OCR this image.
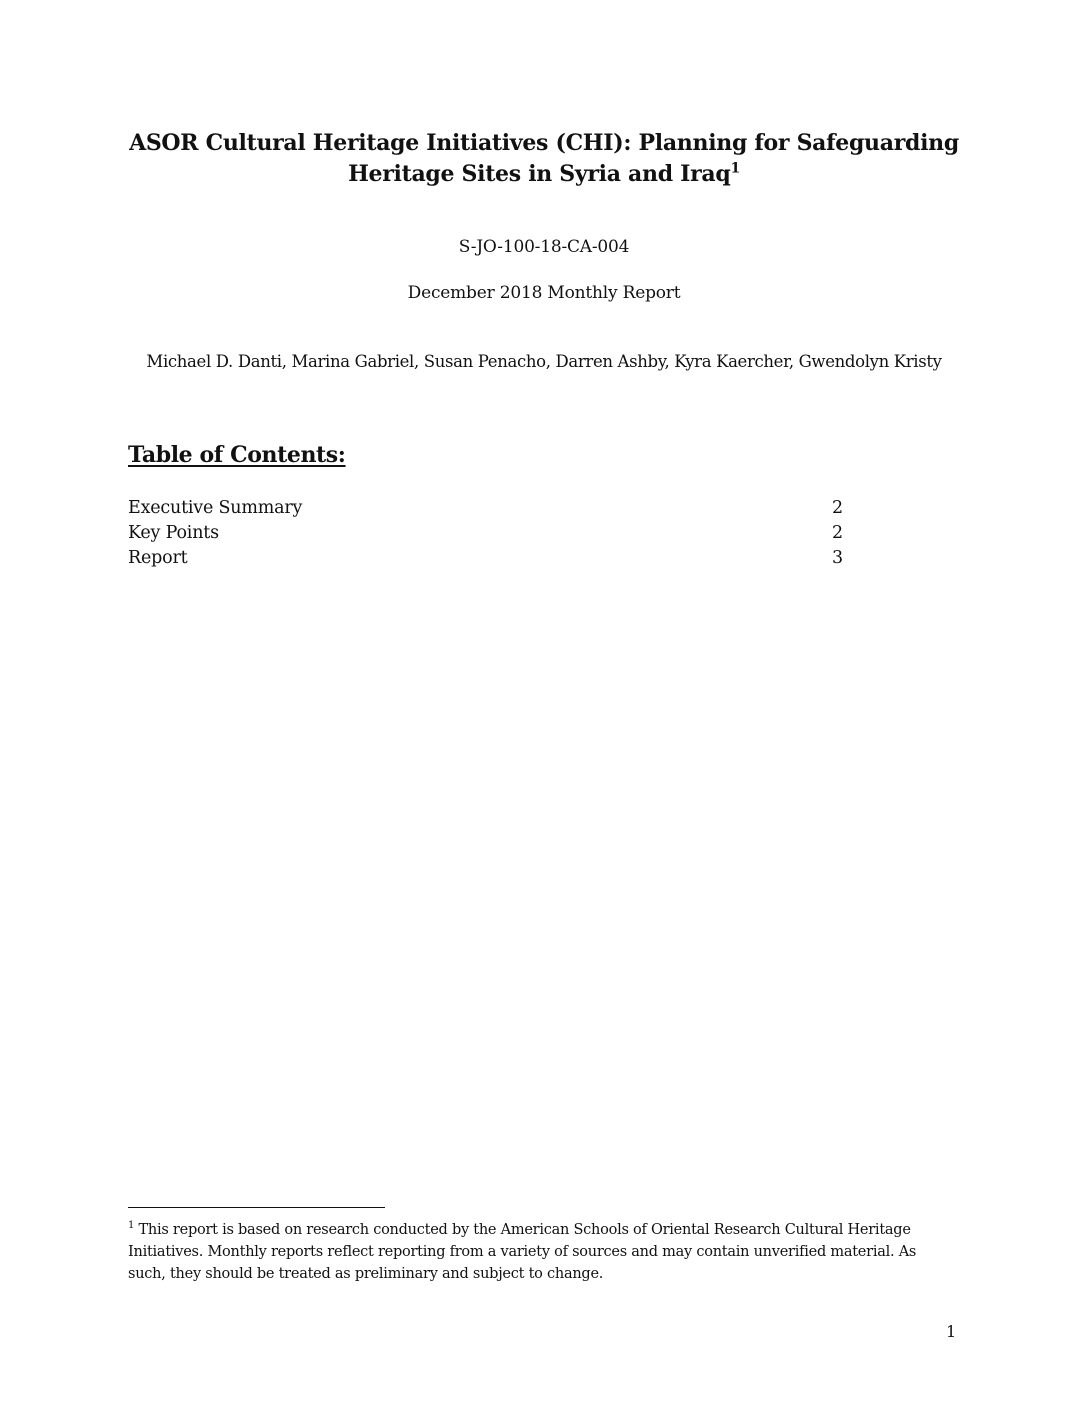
ASOR Cultural Heritage Initiatives (CHI): Planning for Safeguarding
Heritage Sites in Syria and Iraq$^1$
S-JO-100-18-CA-004
December 2018 Monthly Report
Michael D. Danti, Marina Gabriel, Susan Penacho, Darren Ashby, Kyra Kaercher, Gwendolyn Kristy
Table of Contents:
Executive Summary	2
Key Points	2
Report	3
$^1$ This report is based on research conducted by the American Schools of Oriental Research Cultural Heritage Initiatives. Monthly reports reflect reporting from a variety of sources and may contain unverified material. As such, they should be treated as preliminary and subject to change.
1
